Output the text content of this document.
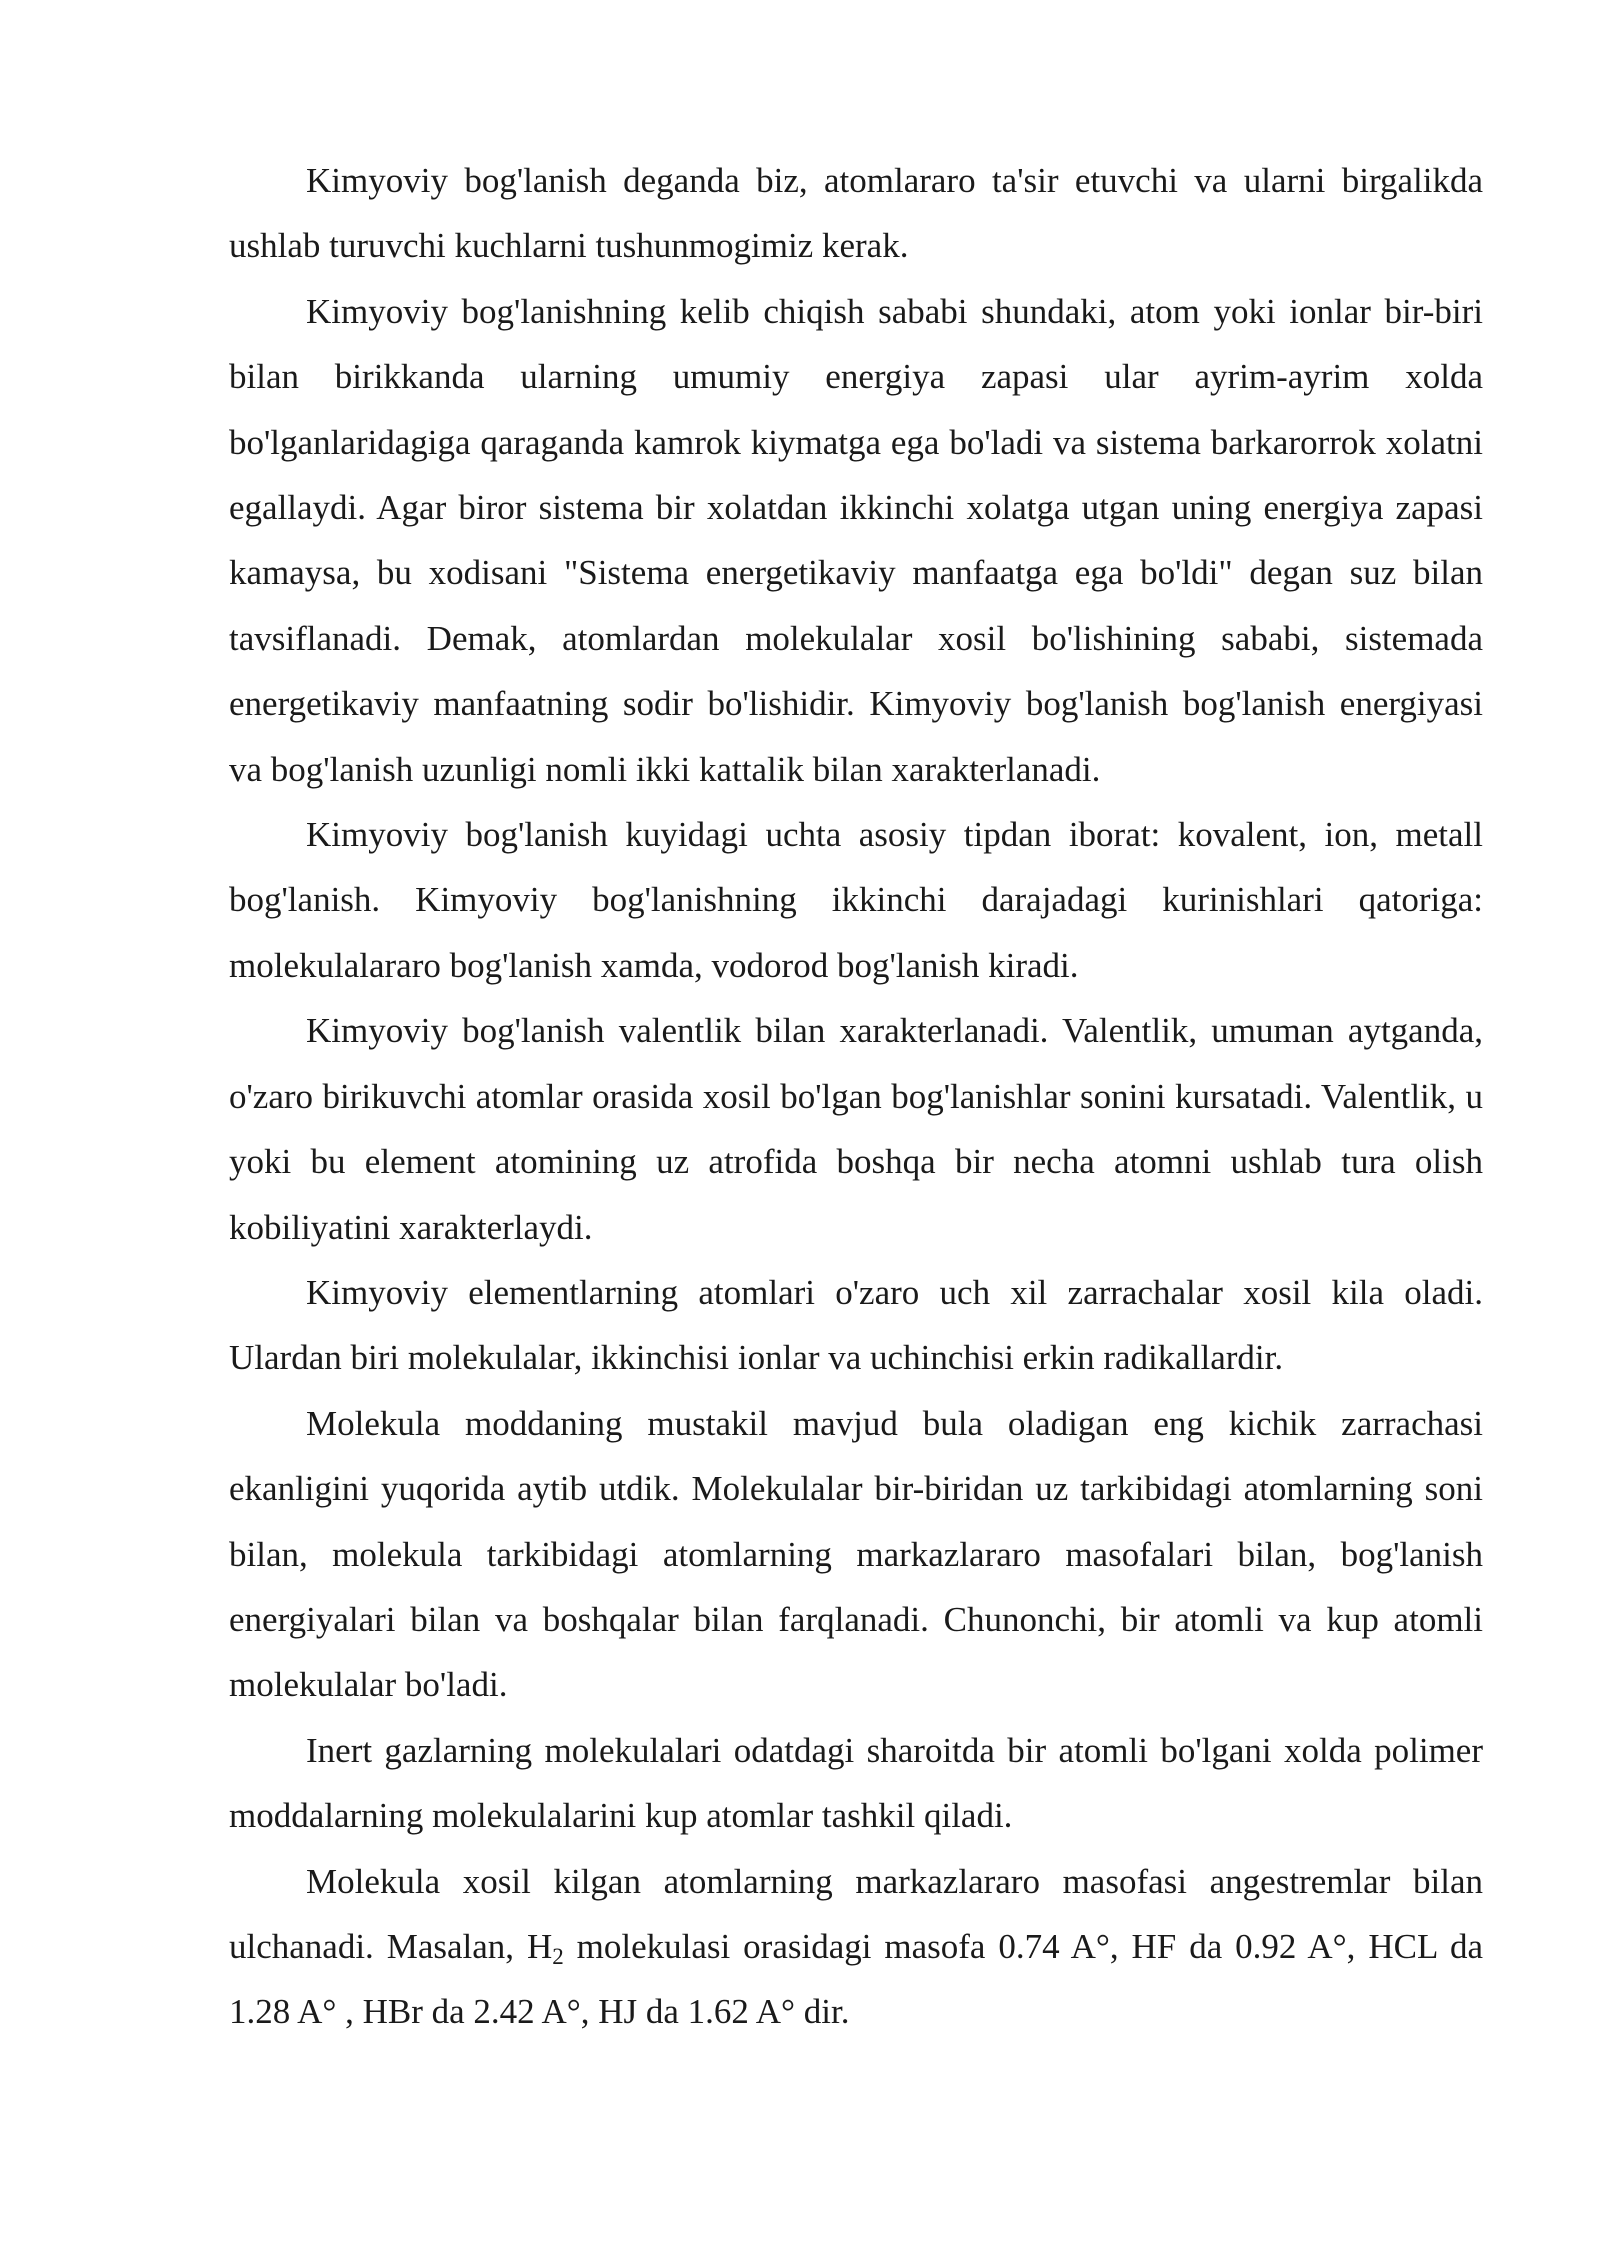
Kimyoviy bog'lanish deganda biz, atomlararo ta'sir etuvchi va ularni birgalikda ushlab turuvchi kuchlarni tushunmogimiz kerak.

Kimyoviy bog'lanishning kelib chiqish sababi shundaki, atom yoki ionlar bir-biri bilan birikkanda ularning umumiy energiya zapasi ular ayrim-ayrim xolda bo'lganlaridagiga qaraganda kamrok kiymatga ega bo'ladi va sistema barkarorrok xolatni egallaydi. Agar biror sistema bir xolatdan ikkinchi xolatga utgan uning energiya zapasi kamaysa, bu xodisani "Sistema energetikaviy manfaatga ega bo'ldi" degan suz bilan tavsiflanadi. Demak, atomlardan molekulalar xosil bo'lishining sababi, sistemada energetikaviy manfaatning sodir bo'lishidir. Kimyoviy bog'lanish bog'lanish energiyasi va bog'lanish uzunligi nomli ikki kattalik bilan xarakterlanadi.

Kimyoviy bog'lanish kuyidagi uchta asosiy tipdan iborat: kovalent, ion, metall bog'lanish. Kimyoviy bog'lanishning ikkinchi darajadagi kurinishlari qatoriga: molekulalararo bog'lanish xamda, vodorod bog'lanish kiradi.

Kimyoviy bog'lanish valentlik bilan xarakterlanadi. Valentlik, umuman aytganda, o'zaro birikuvchi atomlar orasida xosil bo'lgan bog'lanishlar sonini kursatadi. Valentlik, u yoki bu element atomining uz atrofida boshqa bir necha atomni ushlab tura olish kobiliyatini xarakterlaydi.

Kimyoviy elementlarning atomlari o'zaro uch xil zarrachalar xosil kila oladi. Ulardan biri molekulalar, ikkinchisi ionlar va uchinchisi erkin radikallardir.

Molekula moddaning mustakil mavjud bula oladigan eng kichik zarrachasi ekanligini yuqorida aytib utdik. Molekulalar bir-biridan uz tarkibidagi atomlarning soni bilan, molekula tarkibidagi atomlarning markazlararo masofalari bilan, bog'lanish energiyalari bilan va boshqalar bilan farqlanadi. Chunonchi, bir atomli va kup atomli molekulalar bo'ladi.

Inert gazlarning molekulalari odatdagi sharoitda bir atomli bo'lgani xolda polimer moddalarning molekulalarini kup atomlar tashkil qiladi.

Molekula xosil kilgan atomlarning markazlararo masofasi angestremlar bilan ulchanadi. Masalan, $H_2$ molekulasi orasidagi masofa 0.74 A°, HF da 0.92 A°, HCL da 1.28 A° , HBr da 2.42 A°, HJ da 1.62 A° dir.
